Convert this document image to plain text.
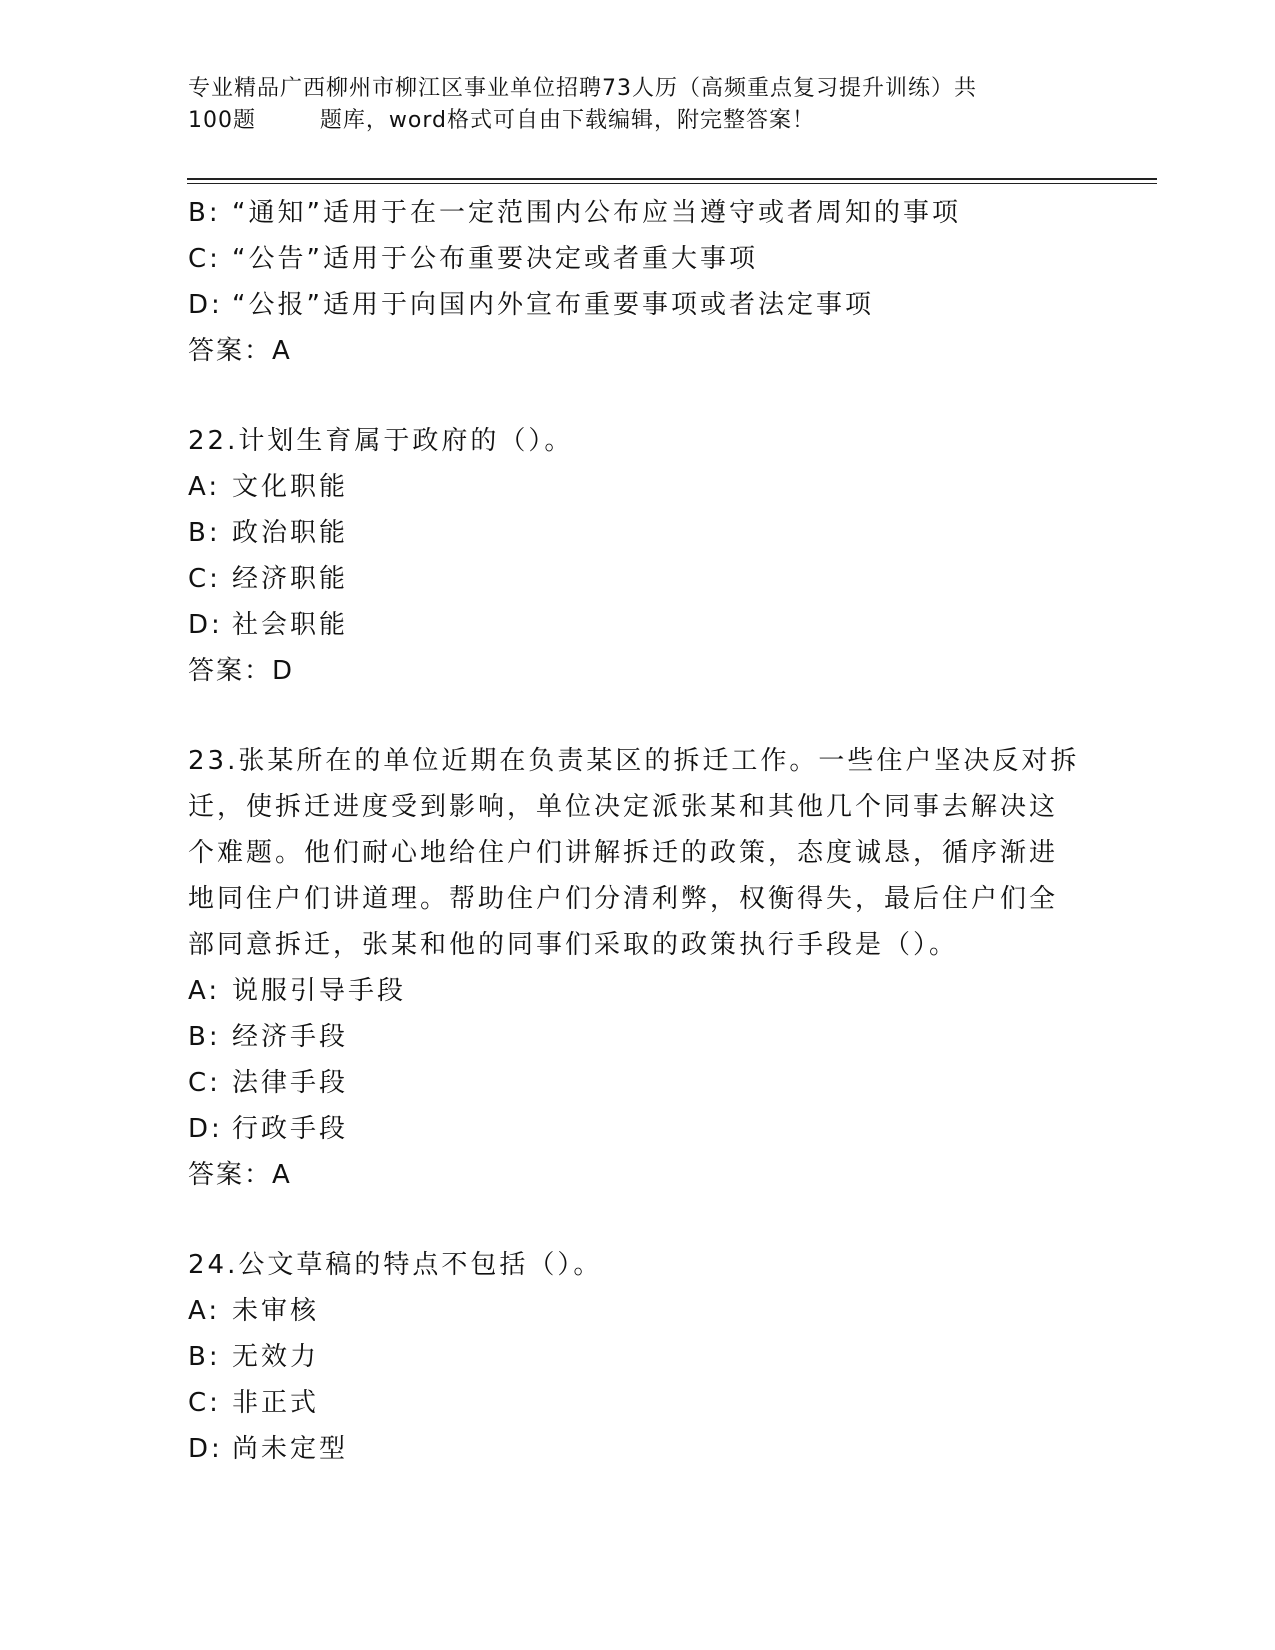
专业精品广西柳州市柳江区事业单位招聘73人历（高频重点复习提升训练）共
100题        题库，word格式可自由下载编辑，附完整答案！
B: “通知”适用于在一定范围内公布应当遵守或者周知的事项
C: “公告”适用于公布重要决定或者重大事项
D: “公报”适用于向国内外宣布重要事项或者法定事项
答案：A
22.计划生育属于政府的（）。
A: 文化职能
B: 政治职能
C: 经济职能
D: 社会职能
答案：D
23.张某所在的单位近期在负责某区的拆迁工作。一些住户坚决反对拆
迁，使拆迁进度受到影响，单位决定派张某和其他几个同事去解决这
个难题。他们耐心地给住户们讲解拆迁的政策，态度诚恳，循序渐进
地同住户们讲道理。帮助住户们分清利弊，权衡得失，最后住户们全
部同意拆迁，张某和他的同事们采取的政策执行手段是（）。
A: 说服引导手段
B: 经济手段
C: 法律手段
D: 行政手段
答案：A
24.公文草稿的特点不包括（）。
A: 未审核
B: 无效力
C: 非正式
D: 尚未定型
